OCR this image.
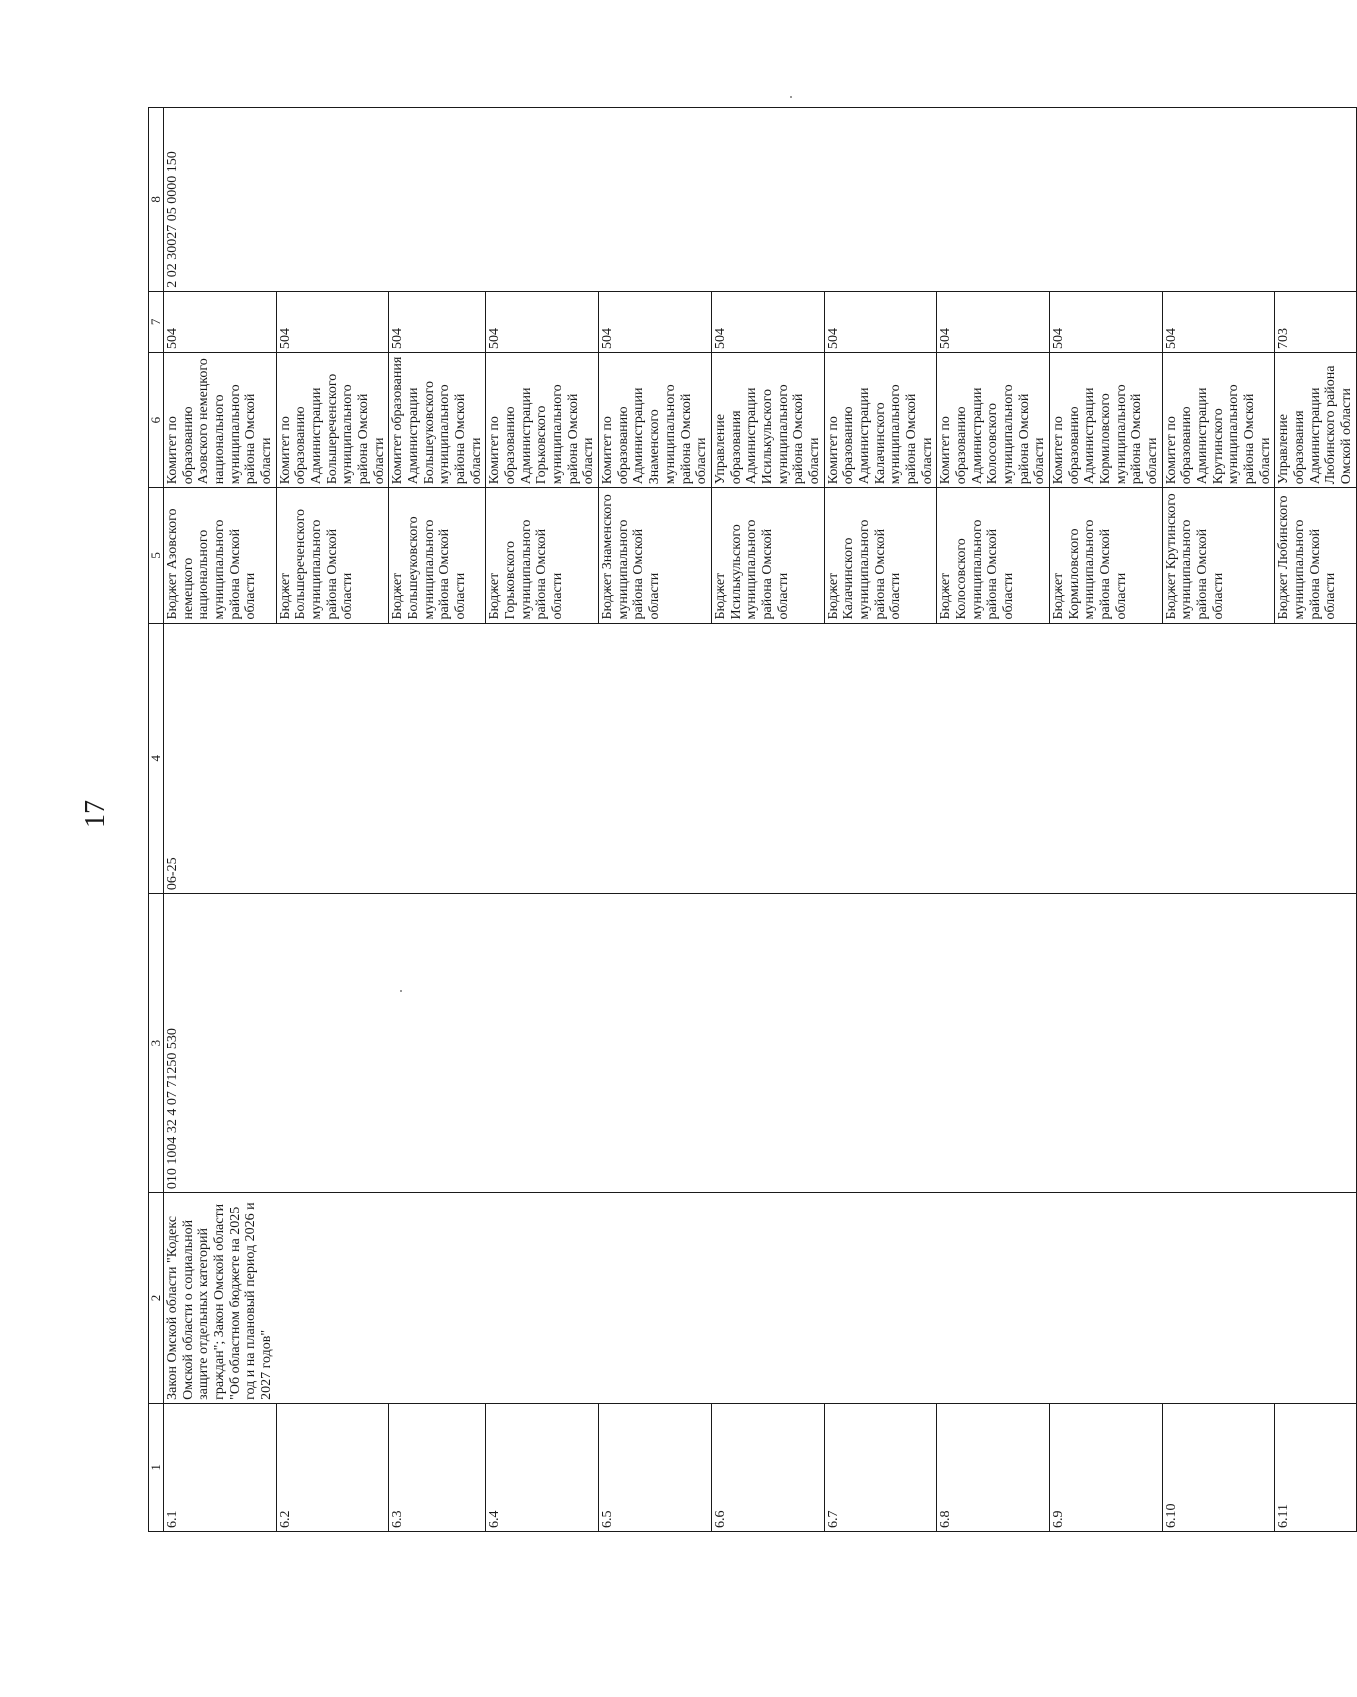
17
1	2	3	4	5	6	7	8
6.1	Закон Омской области "Кодекс Омской области о социальной защите отдельных категорий граждан"; Закон Омской области "Об областном бюджете на 2025 год и на плановый период 2026 и 2027 годов"	010 1004 32 4 07 71250 530	06-25	Бюджет Азовского немецкого национального муниципального района Омской области	Комитет по образованию Азовского немецкого национального муниципального района Омской области	504	2 02 30027 05 0000 150
6.2				Бюджет Большереченского муниципального района Омской области	Комитет по образованию Администрации Большереченского муниципального района Омской области	504	
6.3				Бюджет Большеуковского муниципального района Омской области	Комитет образования Администрации Большеуковского муниципального района Омской области	504	
6.4				Бюджет Горьковского муниципального района Омской области	Комитет по образованию Администрации Горьковского муниципального района Омской области	504	
6.5				Бюджет Знаменского муниципального района Омской области	Комитет по образованию Администрации Знаменского муниципального района Омской области	504	
6.6				Бюджет Исилькульского муниципального района Омской области	Управление образования Администрации Исилькульского муниципального района Омской области	504	
6.7				Бюджет Калачинского муниципального района Омской области	Комитет по образованию Администрации Калачинского муниципального района Омской области	504	
6.8				Бюджет Колосовского муниципального района Омской области	Комитет по образованию Администрации Колосовского муниципального района Омской области	504	
6.9				Бюджет Кормиловского муниципального района Омской области	Комитет по образованию Администрации Кормиловского муниципального района Омской области	504	
6.10				Бюджет Крутинского муниципального района Омской области	Комитет по образованию Администрации Крутинского муниципального района Омской области	504	
6.11				Бюджет Любинского муниципального района Омской области	Управление образования Администрации Любинского района Омской области	703	
